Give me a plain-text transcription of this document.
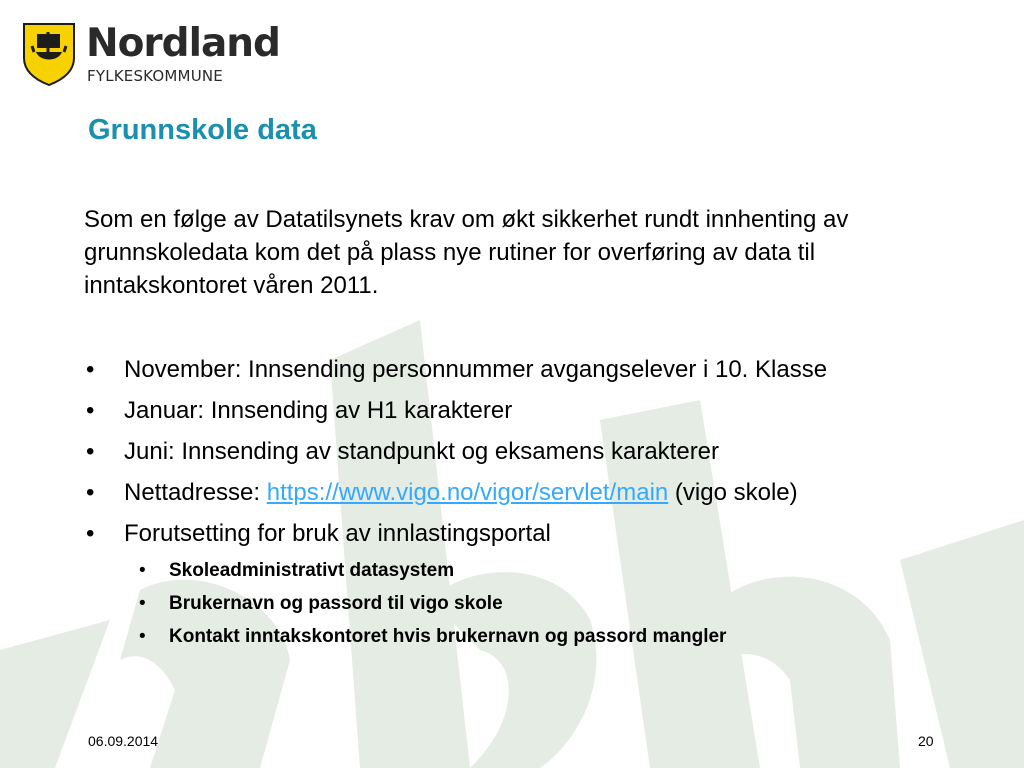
Nordland
FYLKESKOMMUNE
Grunnskole data

Som en følge av Datatilsynets krav om økt sikkerhet rundt innhenting av grunnskoledata kom det på plass nye rutiner for overføring av data til inntakskontoret våren 2011.

• November: Innsending personnummer avgangselever i 10. Klasse
• Januar: Innsending av H1 karakterer
• Juni: Innsending av standpunkt og eksamens karakterer
• Nettadresse: https://www.vigo.no/vigor/servlet/main (vigo skole)
• Forutsetting for bruk av innlastingsportal
• Skoleadministrativt datasystem
• Brukernavn og passord til vigo skole
• Kontakt inntakskontoret hvis brukernavn og passord mangler
06.09.2014	20
